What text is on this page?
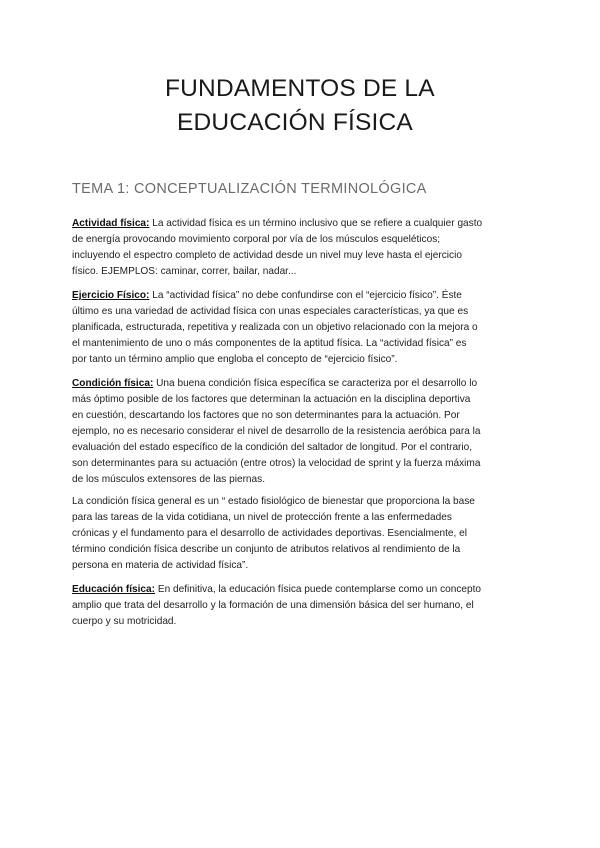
FUNDAMENTOS DE LA
EDUCACIÓN FÍSICA
TEMA 1: CONCEPTUALIZACIÓN TERMINOLÓGICA
Actividad física: La actividad física es un término inclusivo que se refiere a cualquier gasto
de energía provocando movimiento corporal por vía de los músculos esqueléticos;
incluyendo el espectro completo de actividad desde un nivel muy leve hasta el ejercicio
físico. EJEMPLOS: caminar, correr, bailar, nadar...
Ejercicio Físico: La “actividad física” no debe confundirse con el “ejercicio físico”. Éste
último es una variedad de actividad física con unas especiales características, ya que es
planificada, estructurada, repetitiva y realizada con un objetivo relacionado con la mejora o
el mantenimiento de uno o más componentes de la aptitud física. La “actividad física” es
por tanto un término amplio que engloba el concepto de “ejercicio físico”.
Condición física: Una buena condición física específica se caracteriza por el desarrollo lo
más óptimo posible de los factores que determinan la actuación en la disciplina deportiva
en cuestión, descartando los factores que no son determinantes para la actuación. Por
ejemplo, no es necesario considerar el nivel de desarrollo de la resistencia aeróbica para la
evaluación del estado específico de la condición del saltador de longitud. Por el contrario,
son determinantes para su actuación (entre otros) la velocidad de sprint y la fuerza máxima
de los músculos extensores de las piernas.
La condición física general es un “ estado fisiológico de bienestar que proporciona la base
para las tareas de la vida cotidiana, un nivel de protección frente a las enfermedades
crónicas y el fundamento para el desarrollo de actividades deportivas. Esencialmente, el
término condición física describe un conjunto de atributos relativos al rendimiento de la
persona en materia de actividad física”.
Educación física: En definitiva, la educación física puede contemplarse como un concepto
amplio que trata del desarrollo y la formación de una dimensión básica del ser humano, el
cuerpo y su motricidad.
